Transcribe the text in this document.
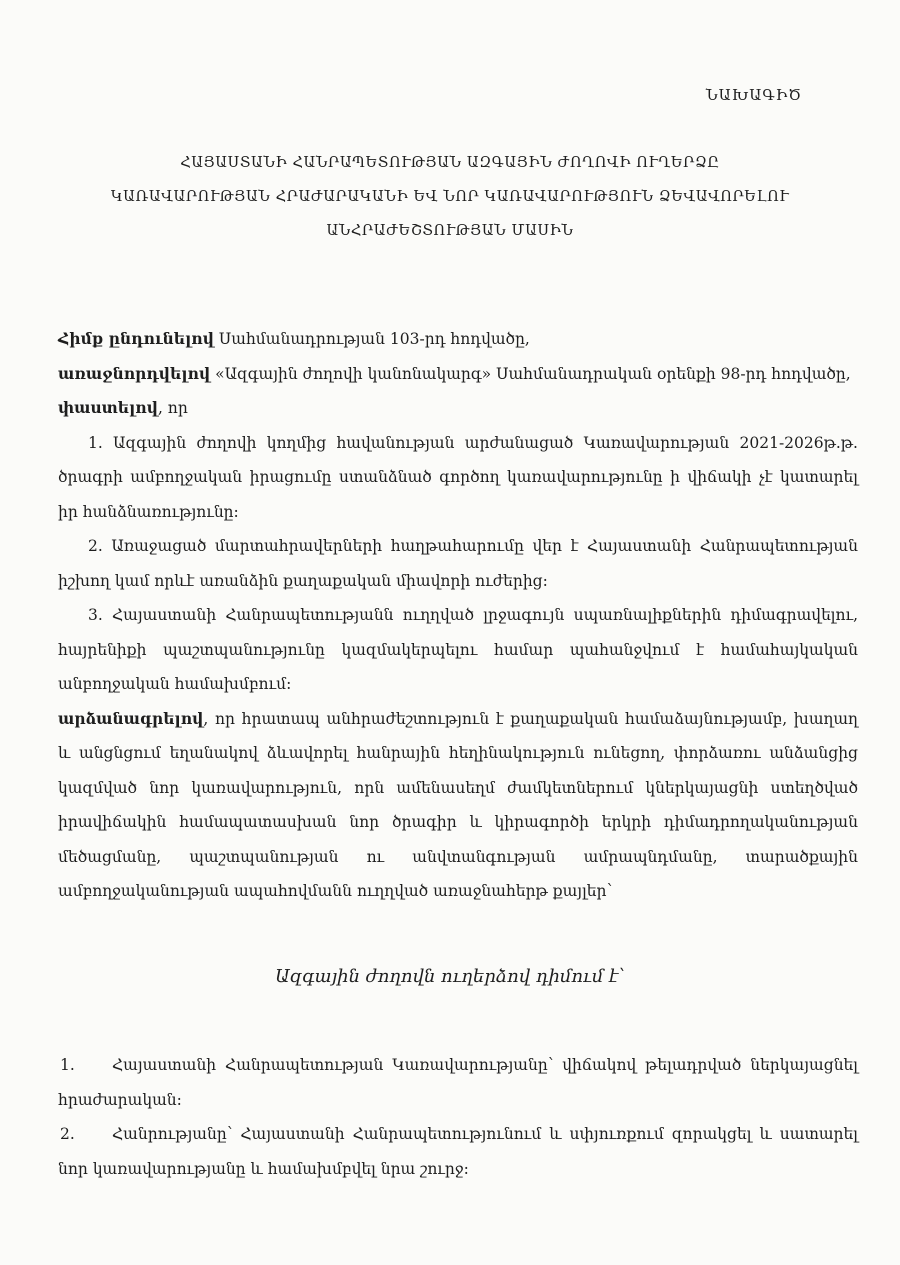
ՆԱԽԱԳԻԾ
ՀԱՅԱՍՏԱՆԻ ՀԱՆՐԱՊԵՏՈՒԹՅԱՆ ԱԶԳԱՅԻՆ ԺՈՂՈՎԻ ՈՒՂԵՐՁԸ
ԿԱՌԱՎԱՐՈՒԹՅԱՆ ՀՐԱԺԱՐԱԿԱՆԻ ԵՎ ՆՈՐ ԿԱՌԱՎԱՐՈՒԹՅՈՒՆ ՁԵՎԱՎՈՐԵԼՈՒ
ԱՆՀՐԱԺԵՇՏՈՒԹՅԱՆ ՄԱՍԻՆ

Հիմք ընդունելով Սահմանադրության 103-րդ հոդվածը,

առաջնորդվելով «Ազգային ժողովի կանոնակարգ» Սահմանադրական օրենքի 98-րդ հոդվածը,

փաստելով, որ

1. Ազգային ժողովի կողմից հավանության արժանացած Կառավարության 2021-2026թ.թ. ծրագրի ամբողջական իրացումը ստանձնած գործող կառավարությունը ի վիճակի չէ կատարել իր հանձնառությունը։

2. Առաջացած մարտահրավերների հաղթահարումը վեր է Հայաստանի Հանրապետության իշխող կամ որևէ առանձին քաղաքական միավորի ուժերից։

3. Հայաստանի Հանրապետությանն ուղղված լրջագույն սպառնալիքներին դիմագրավելու, հայրենիքի պաշտպանությունը կազմակերպելու համար պահանջվում է համահայկական անբողջական համախմբում։

արձանագրելով, որ հրատապ անհրաժեշտություն է քաղաքական համաձայնությամբ, խաղաղ և անցնցում եղանակով ձևավորել հանրային հեղինակություն ունեցող, փորձառու անձանցից կազմված նոր կառավարություն, որն ամենասեղմ ժամկետներում կներկայացնի ստեղծված իրավիճակին համապատասխան նոր ծրագիր և կիրագործի երկրի դիմադրողականության մեծացմանը, պաշտպանության ու անվտանգության ամրապնդմանը, տարածքային ամբողջականության ապահովմանն ուղղված առաջնահերթ քայլեր՝

Ազգային ժողովն ուղերձով դիմում է՝

1. Հայաստանի Հանրապետության Կառավարությանը՝ վիճակով թելադրված ներկայացնել հրաժարական։

2. Հանրությանը՝ Հայաստանի Հանրապետությունում և սփյուռքում զորակցել և սատարել նոր կառավարությանը և համախմբվել նրա շուրջ։
